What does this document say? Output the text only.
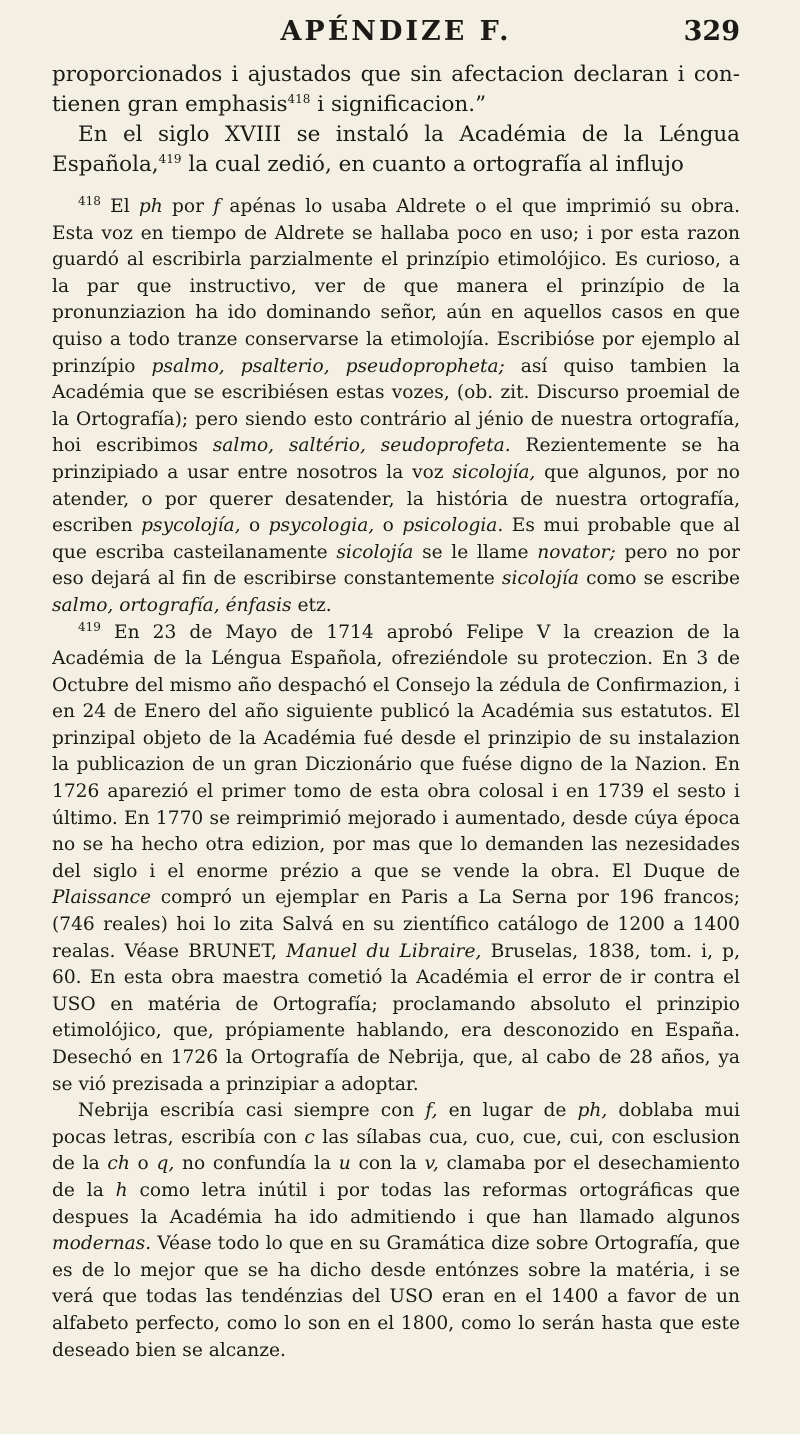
APÉNDIZE F.	329

proporcionados i ajustados que sin afectacion declaran i contienen gran emphasis$^{418}$ i significacion.”

En el siglo XVIII se instaló la Académia de la Léngua Española,$^{419}$ la cual zedió, en cuanto a ortografía al influjo

$^{418}$ El ph por f apénas lo usaba Aldrete o el que imprimió su obra. Esta voz en tiempo de Aldrete se hallaba poco en uso; i por esta razon guardó al escribirla parzialmente el prinzípio etimolójico. Es curioso, a la par que instructivo, ver de que manera el prinzípio de la pronunziazion ha ido dominando señor, aún en aquellos casos en que quiso a todo tranze conservarse la etimolojía. Escribióse por ejemplo al prinzípio psalmo, psalterio, pseudopropheta; así quiso tambien la Académia que se escribiésen estas vozes, (ob. zit. Discurso proemial de la Ortografía); pero siendo esto contrário al jénio de nuestra ortografía, hoi escribimos salmo, saltério, seudoprofeta. Rezientemente se ha prinzipiado a usar entre nosotros la voz sicolojía, que algunos, por no atender, o por querer desatender, la história de nuestra ortografía, escriben psycolojía, o psycologia, o psicologia. Es mui probable que al que escriba casteilanamente sicolojía se le llame novator; pero no por eso dejará al fin de escribirse constantemente sicolojía como se escribe salmo, ortografía, énfasis etz.

$^{419}$ En 23 de Mayo de 1714 aprobó Felipe V la creazion de la Académia de la Léngua Española, ofreziéndole su proteczion. En 3 de Octubre del mismo año despachó el Consejo la zédula de Confirmazion, i en 24 de Enero del año siguiente publicó la Académia sus estatutos. El prinzipal objeto de la Académia fué desde el prinzipio de su instalazion la publicazion de un gran Diczionário que fuése digno de la Nazion. En 1726 aparezió el primer tomo de esta obra colosal i en 1739 el sesto i último. En 1770 se reimprimió mejorado i aumentado, desde cúya época no se ha hecho otra edizion, por mas que lo demanden las nezesidades del siglo i el enorme prézio a que se vende la obra. El Duque de Plaissance compró un ejemplar en Paris a La Serna por 196 francos; (746 reales) hoi lo zita Salvá en su zientífico catálogo de 1200 a 1400 realas. Véase BRUNET, Manuel du Libraire, Bruselas, 1838, tom. i, p, 60. En esta obra maestra cometió la Académia el error de ir contra el USO en matéria de Ortografía; proclamando absoluto el prinzipio etimolójico, que, própiamente hablando, era desconozido en España. Desechó en 1726 la Ortografía de Nebrija, que, al cabo de 28 años, ya se vió prezisada a prinzipiar a adoptar.

Nebrija escribía casi siempre con f, en lugar de ph, doblaba mui pocas letras, escribía con c las sílabas cua, cuo, cue, cui, con esclusion de la ch o q, no confundía la u con la v, clamaba por el desechamiento de la h como letra inútil i por todas las reformas ortográficas que despues la Académia ha ido admitiendo i que han llamado algunos modernas. Véase todo lo que en su Gramática dize sobre Ortografía, que es de lo mejor que se ha dicho desde entónzes sobre la matéria, i se verá que todas las tendénzias del USO eran en el 1400 a favor de un alfabeto perfecto, como lo son en el 1800, como lo serán hasta que este deseado bien se alcanze.
